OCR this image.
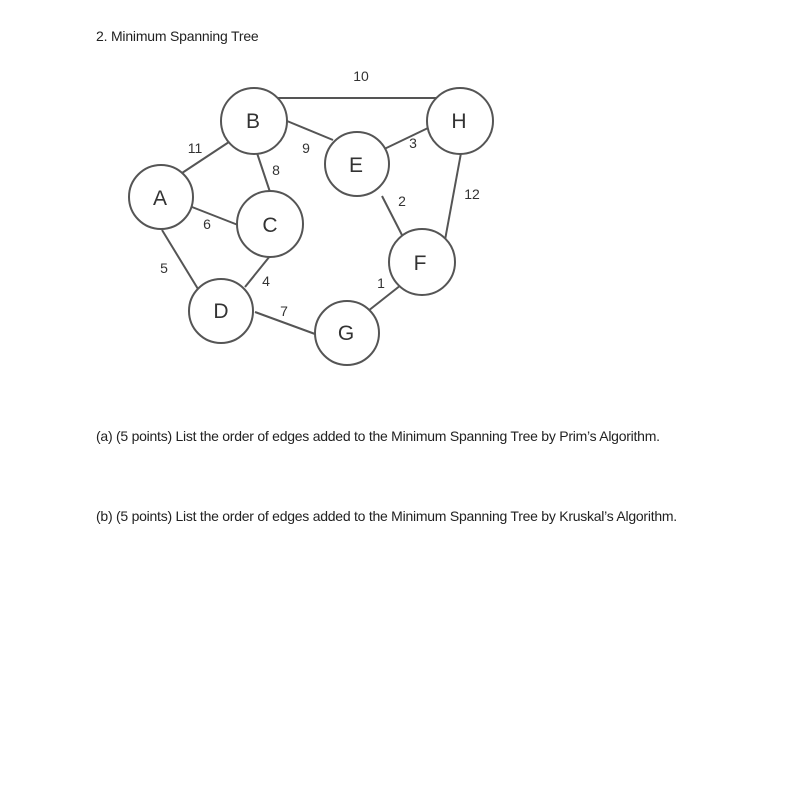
2. Minimum Spanning Tree
10
11	9
8
3
6
2	12
5
4	1
7
A
B
C
D
E
F
G
H

(a) (5 points) List the order of edges added to the Minimum Spanning Tree by Prim’s Algorithm.

(b) (5 points) List the order of edges added to the Minimum Spanning Tree by Kruskal’s Algorithm.
